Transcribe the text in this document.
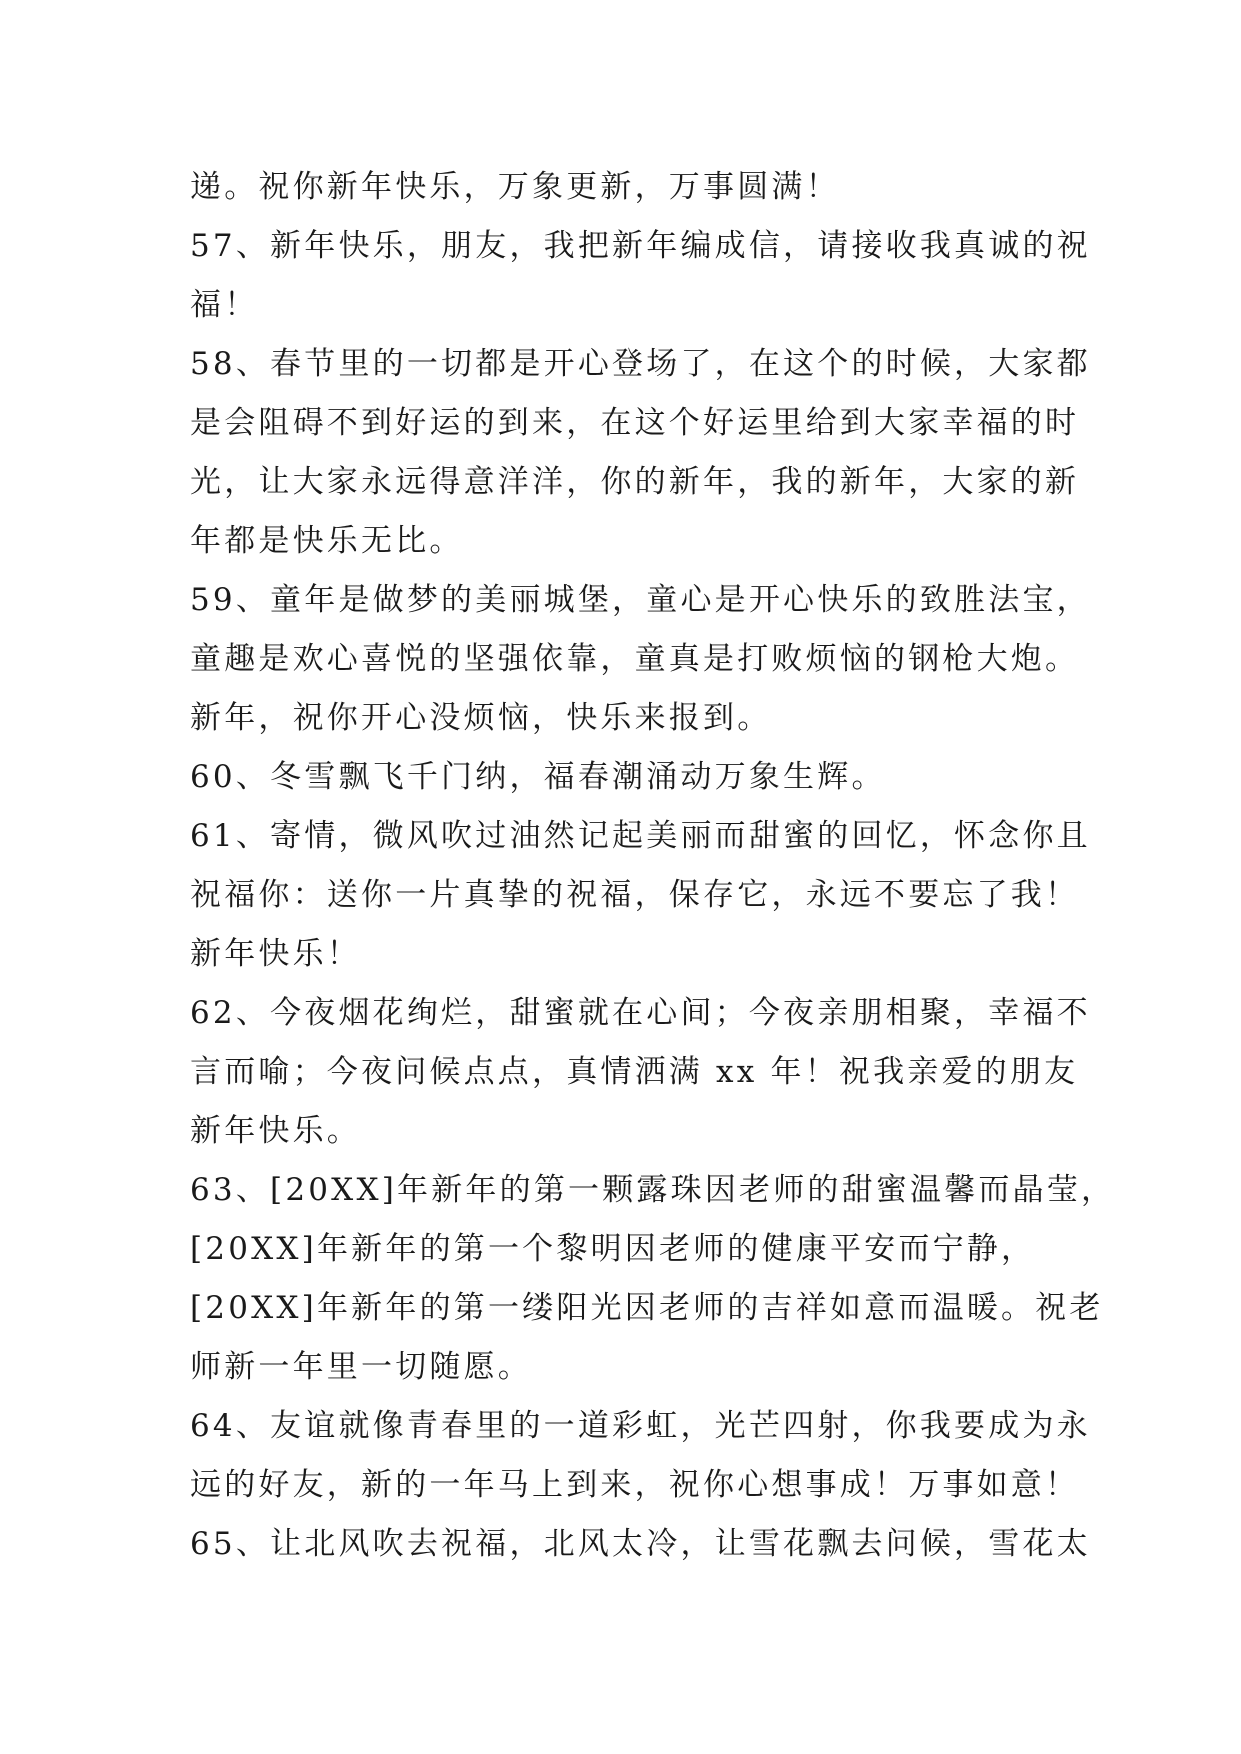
递。祝你新年快乐，万象更新，万事圆满！
57、新年快乐，朋友，我把新年编成信，请接收我真诚的祝
福！
58、春节里的一切都是开心登场了，在这个的时候，大家都
是会阻碍不到好运的到来，在这个好运里给到大家幸福的时
光，让大家永远得意洋洋，你的新年，我的新年，大家的新
年都是快乐无比。
59、童年是做梦的美丽城堡，童心是开心快乐的致胜法宝，
童趣是欢心喜悦的坚强依靠，童真是打败烦恼的钢枪大炮。
新年，祝你开心没烦恼，快乐来报到。
60、冬雪飘飞千门纳，福春潮涌动万象生辉。
61、寄情，微风吹过油然记起美丽而甜蜜的回忆，怀念你且
祝福你：送你一片真挚的祝福，保存它，永远不要忘了我！
新年快乐！
62、今夜烟花绚烂，甜蜜就在心间；今夜亲朋相聚，幸福不
言而喻；今夜问候点点，真情洒满 xx 年！祝我亲爱的朋友
新年快乐。
63、[20XX]年新年的第一颗露珠因老师的甜蜜温馨而晶莹，
[20XX]年新年的第一个黎明因老师的健康平安而宁静，
[20XX]年新年的第一缕阳光因老师的吉祥如意而温暖。祝老
师新一年里一切随愿。
64、友谊就像青春里的一道彩虹，光芒四射，你我要成为永
远的好友，新的一年马上到来，祝你心想事成！万事如意！
65、让北风吹去祝福，北风太冷，让雪花飘去问候，雪花太
